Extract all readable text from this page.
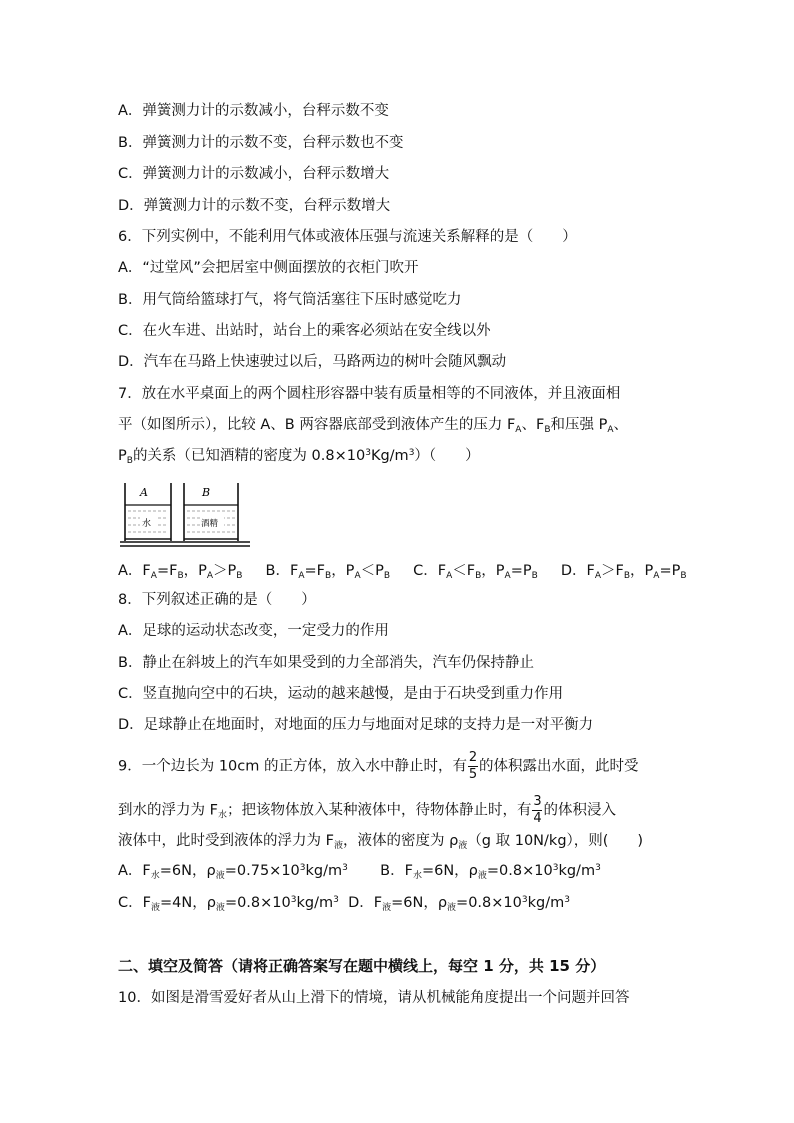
A．弹簧测力计的示数减小，台秤示数不变
B．弹簧测力计的示数不变，台秤示数也不变
C．弹簧测力计的示数减小，台秤示数增大
D．弹簧测力计的示数不变，台秤示数增大
6．下列实例中，不能利用气体或液体压强与流速关系解释的是（　　）
A．“过堂风”会把居室中侧面摆放的衣柜门吹开
B．用气筒给篮球打气，将气筒活塞往下压时感觉吃力
C．在火车进、出站时，站台上的乘客必须站在安全线以外
D．汽车在马路上快速驶过以后，马路两边的树叶会随风飘动
7．放在水平桌面上的两个圆柱形容器中装有质量相等的不同液体，并且液面相
平（如图所示），比较 A、B 两容器底部受到液体产生的压力 $F_A$、$F_B$和压强 $P_A$、
$P_B$的关系（已知酒精的密度为 $0.8\times 10^3Kg/m^3$）（　　）
A
水
B
酒精
A．$F_A=F_B$，$P_A>P_B$ B．$F_A=F_B$，$P_A<P_B$ C．$F_A<F_B$，$P_A=P_B$ D．$F_A>F_B$，$P_A=P_B$
8．下列叙述正确的是（　　）
A．足球的运动状态改变，一定受力的作用
B．静止在斜坡上的汽车如果受到的力全部消失，汽车仍保持静止
C．竖直抛向空中的石块，运动的越来越慢，是由于石块受到重力作用
D．足球静止在地面时，对地面的压力与地面对足球的支持力是一对平衡力
9．一个边长为 10cm 的正方体，放入水中静止时，有 $\frac{2}{5}$ 的体积露出水面，此时受
到水的浮力为 $F_水$；把该物体放入某种液体中，待物体静止时，有 $\frac{3}{4}$ 的体积浸入
液体中，此时受到液体的浮力为 $F_液$，液体的密度为 $\rho_液(g$ 取 10N/kg），则(　　)
A．$F_水=6N$，$\rho_液=0.75\times 10^3kg/m^3$ B．$F_水=6N$，$\rho_液=0.8\times 10^3kg/m^3$
C．$F_液=4N$，$\rho_液=0.8\times 10^3kg/m^3$ D．$F_液=6N$，$\rho_液=0.8\times 10^3kg/m^3$
二、填空及简答（请将正确答案写在题中横线上，每空 1 分，共 15 分）
10．如图是滑雪爱好者从山上滑下的情境，请从机械能角度提出一个问题并回答
